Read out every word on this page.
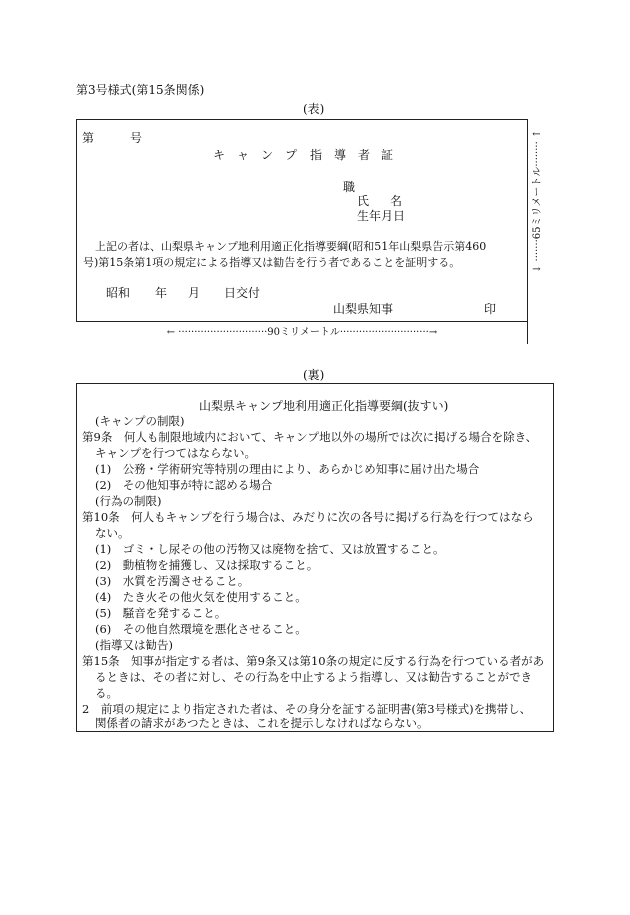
第3号様式(第15条関係)
(表)
第	号
キ ャ ン プ 指 導 者 証
職
氏 名
生年月日
上記の者は、山梨県キャンプ地利用適正化指導要綱(昭和51年山梨県告示第460
号)第15条第1項の規定による指導又は勧告を行う者であることを証明する。
昭和 年 月 日交付
山梨県知事	印
← ····························90ミリメートル····························→
↓ ·······65ミリメートル········ ↑
(裏)
山梨県キャンプ地利用適正化指導要綱(抜すい)
(キャンプの制限)
第9条　何人も制限地域内において、キャンプ地以外の場所では次に掲げる場合を除き、
キャンプを行つてはならない。
(1)　公務・学術研究等特別の理由により、あらかじめ知事に届け出た場合
(2)　その他知事が特に認める場合
(行為の制限)
第10条　何人もキャンプを行う場合は、みだりに次の各号に掲げる行為を行つてはなら
ない。
(1)　ゴミ・し尿その他の汚物又は廃物を捨て、又は放置すること。
(2)　動植物を捕獲し、又は採取すること。
(3)　水質を汚濁させること。
(4)　たき火その他火気を使用すること。
(5)　騒音を発すること。
(6)　その他自然環境を悪化させること。
(指導又は勧告)
第15条　知事が指定する者は、第9条又は第10条の規定に反する行為を行つている者があ
るときは、その者に対し、その行為を中止するよう指導し、又は勧告することができ
る。
2　前項の規定により指定された者は、その身分を証する証明書(第3号様式)を携帯し、
関係者の請求があつたときは、これを提示しなければならない。
